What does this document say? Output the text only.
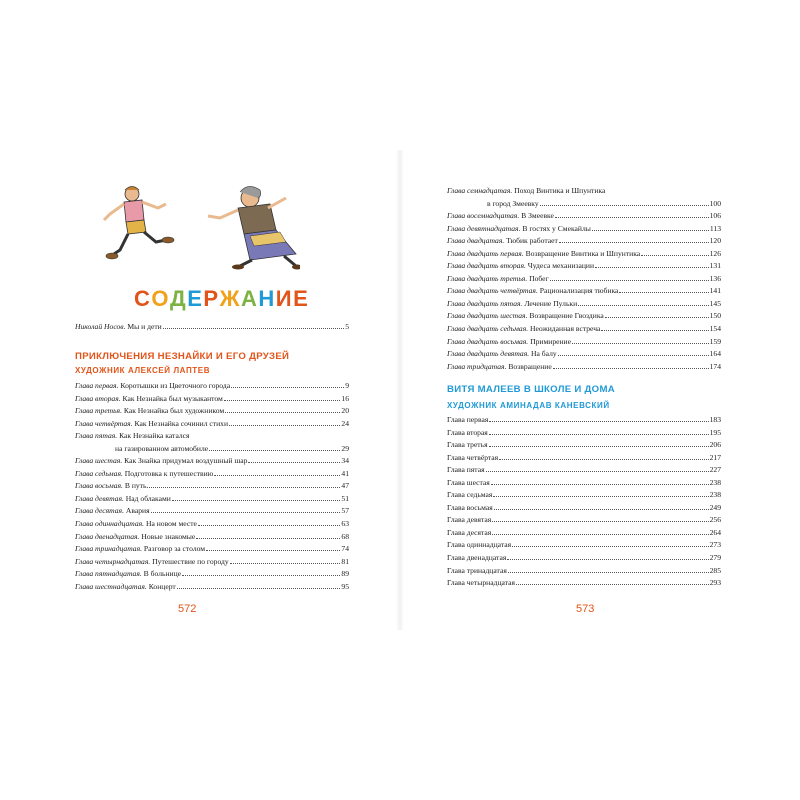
СОДЕРЖАНИЕ
Николай Носов. Мы и дети	5
ПРИКЛЮЧЕНИЯ НЕЗНАЙКИ И ЕГО ДРУЗЕЙ
ХУДОЖНИК АЛЕКСЕЙ ЛАПТЕВ
Глава первая. Коротышки из Цветочного города	9
Глава вторая. Как Незнайка был музыкантом	16
Глава третья. Как Незнайка был художником	20
Глава четвёртая. Как Незнайка сочинил стихи	24
Глава пятая. Как Незнайка катался
на газированном автомобиле	29
Глава шестая. Как Знайка придумал воздушный шар	34
Глава седьмая. Подготовка к путешествию	41
Глава восьмая. В путь	47
Глава девятая. Над облаками	51
Глава десятая. Авария	57
Глава одиннадцатая. На новом месте	63
Глава двенадцатая. Новые знакомые	68
Глава тринадцатая. Разговор за столом	74
Глава четырнадцатая. Путешествие по городу	81
Глава пятнадцатая. В больнице	89
Глава шестнадцатая. Концерт	95
572
Глава семнадцатая. Поход Винтика и Шпунтика
в город Змеевку	100
Глава восемнадцатая. В Змеевке	106
Глава девятнадцатая. В гостях у Смекайлы	113
Глава двадцатая. Тюбик работает	120
Глава двадцать первая. Возвращение Винтика и Шпунтика	126
Глава двадцать вторая. Чудеса механизации	131
Глава двадцать третья. Побег	136
Глава двадцать четвёртая. Рационализация тюбика	141
Глава двадцать пятая. Лечение Пульки	145
Глава двадцать шестая. Возвращение Гвоздика	150
Глава двадцать седьмая. Неожиданная встреча	154
Глава двадцать восьмая. Примирение	159
Глава двадцать девятая. На балу	164
Глава тридцатая. Возвращение	174
ВИТЯ МАЛЕЕВ В ШКОЛЕ И ДОМА
ХУДОЖНИК АМИНАДАВ КАНЕВСКИЙ
Глава первая	183
Глава вторая	195
Глава третья	206
Глава четвёртая	217
Глава пятая	227
Глава шестая	238
Глава седьмая	238
Глава восьмая	249
Глава девятая	256
Глава десятая	264
Глава одиннадцатая	273
Глава двенадцатая	279
Глава тринадцатая	285
Глава четырнадцатая	293
573
